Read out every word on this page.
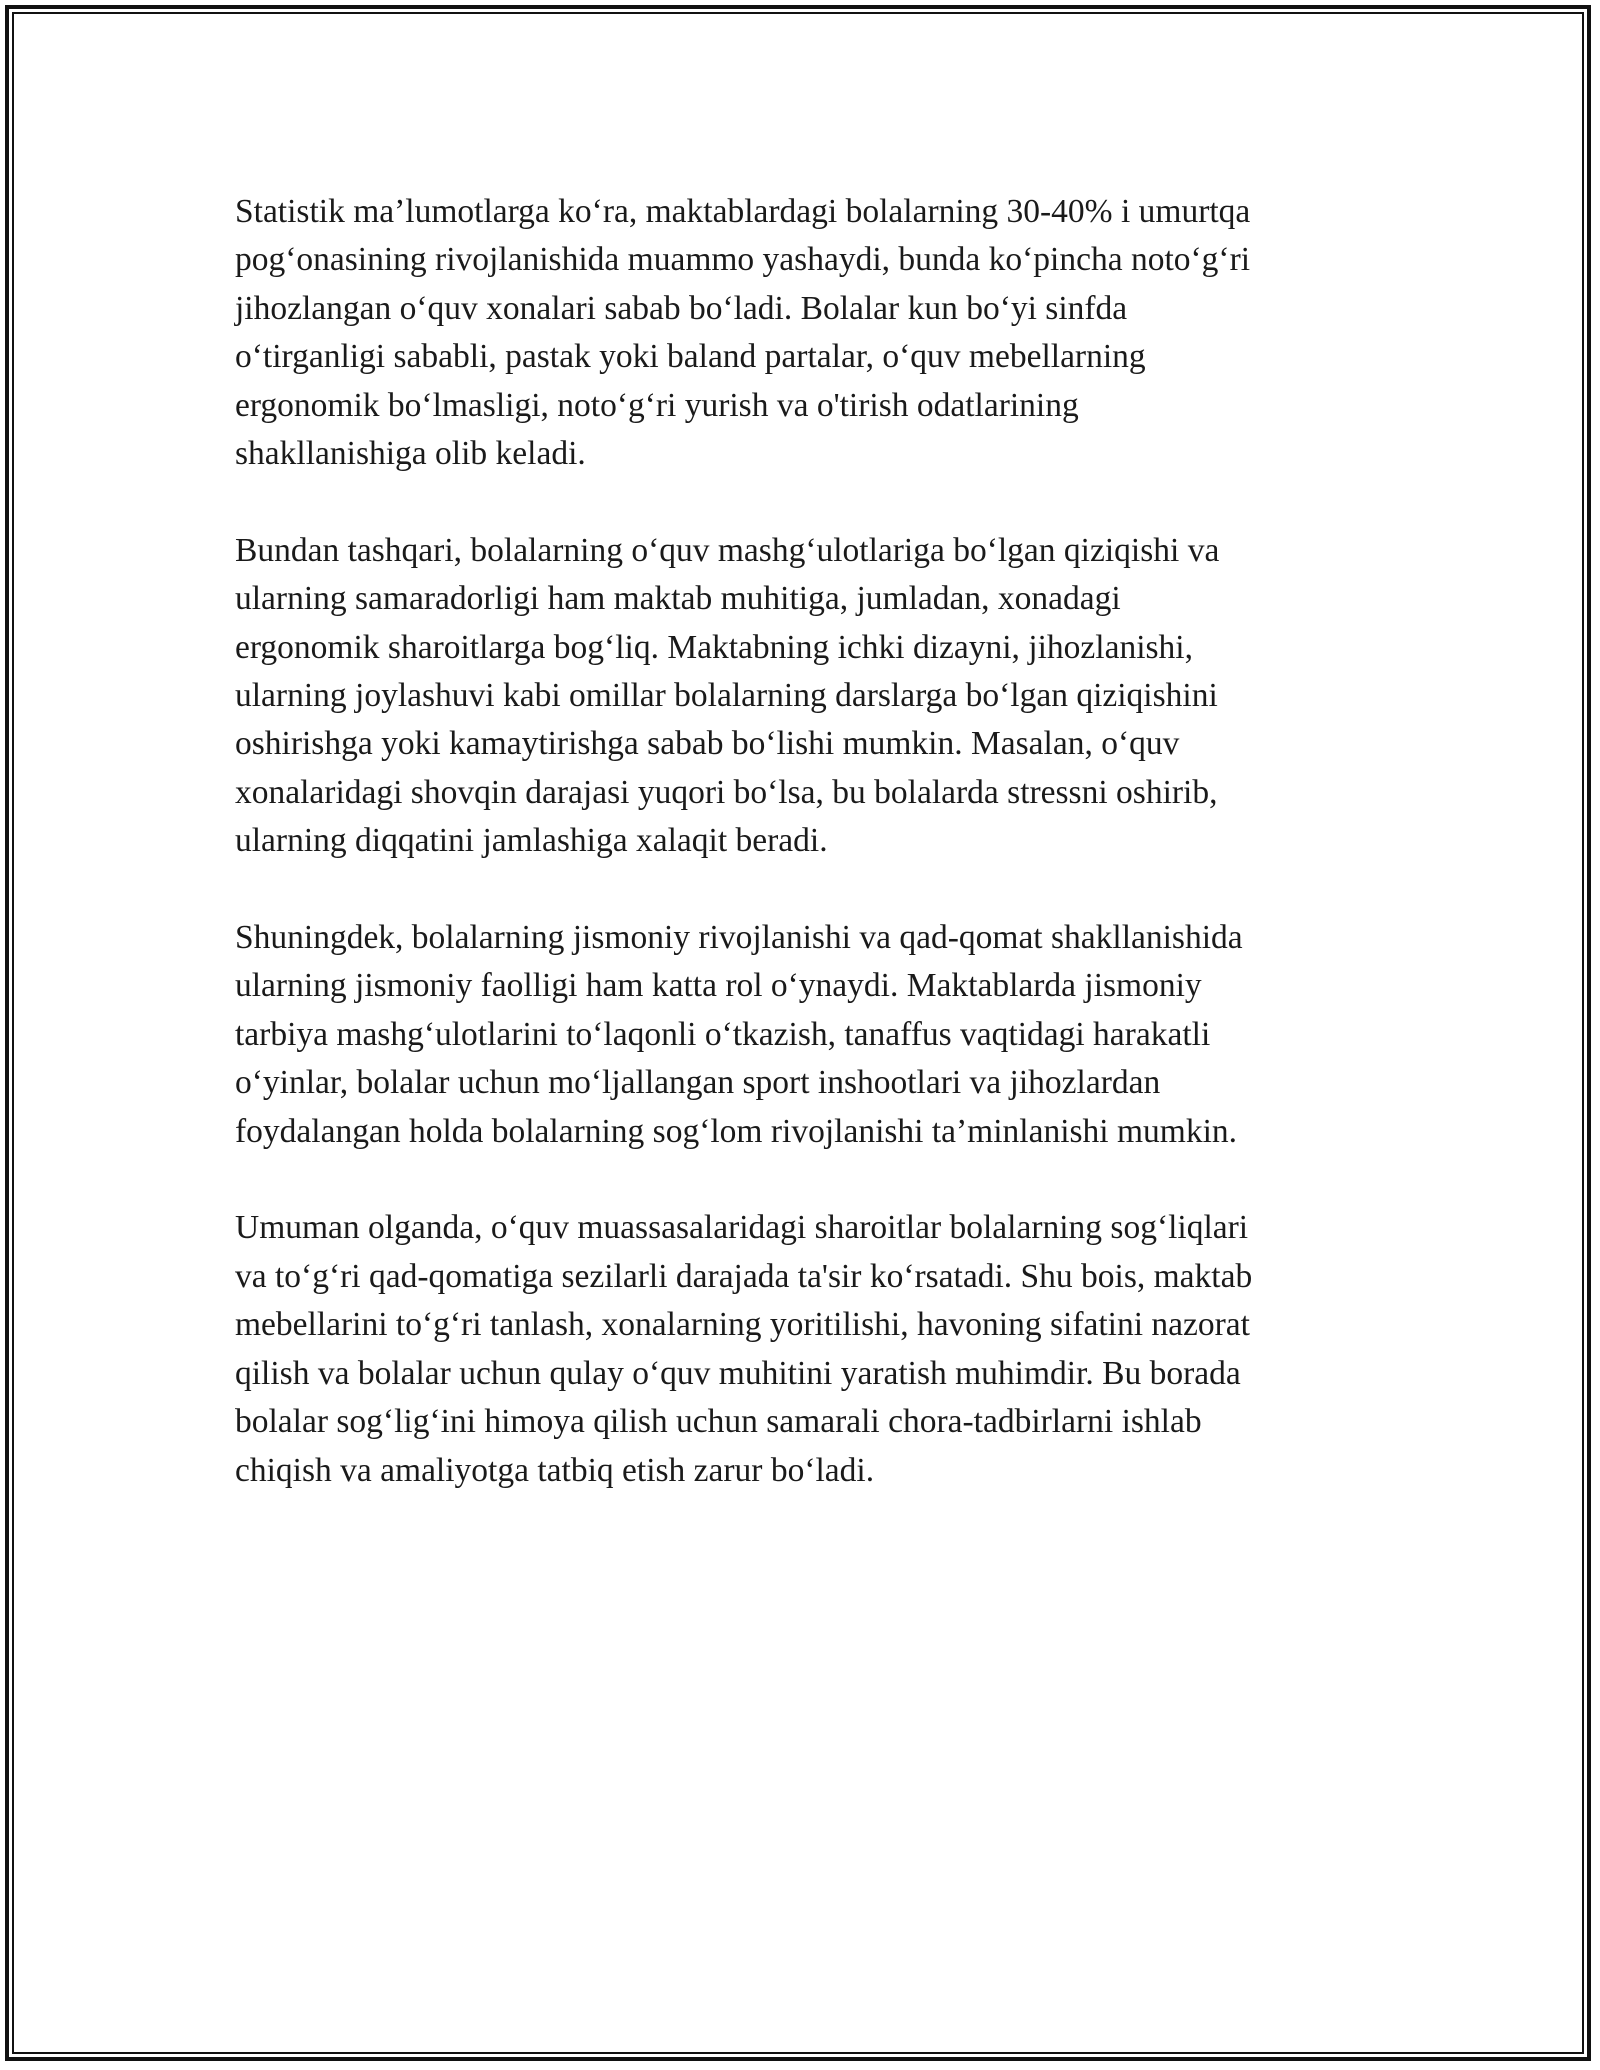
Statistik ma’lumotlarga ko‘ra, maktablardagi bolalarning 30-40% i umurtqa
pog‘onasining rivojlanishida muammo yashaydi, bunda ko‘pincha noto‘g‘ri
jihozlangan o‘quv xonalari sabab bo‘ladi. Bolalar kun bo‘yi sinfda
o‘tirganligi sababli, pastak yoki baland partalar, o‘quv mebellarning
ergonomik bo‘lmasligi, noto‘g‘ri yurish va o'tirish odatlarining
shakllanishiga olib keladi.

Bundan tashqari, bolalarning o‘quv mashg‘ulotlariga bo‘lgan qiziqishi va
ularning samaradorligi ham maktab muhitiga, jumladan, xonadagi
ergonomik sharoitlarga bog‘liq. Maktabning ichki dizayni, jihozlanishi,
ularning joylashuvi kabi omillar bolalarning darslarga bo‘lgan qiziqishini
oshirishga yoki kamaytirishga sabab bo‘lishi mumkin. Masalan, o‘quv
xonalaridagi shovqin darajasi yuqori bo‘lsa, bu bolalarda stressni oshirib,
ularning diqqatini jamlashiga xalaqit beradi.

Shuningdek, bolalarning jismoniy rivojlanishi va qad-qomat shakllanishida
ularning jismoniy faolligi ham katta rol o‘ynaydi. Maktablarda jismoniy
tarbiya mashg‘ulotlarini to‘laqonli o‘tkazish, tanaffus vaqtidagi harakatli
o‘yinlar, bolalar uchun mo‘ljallangan sport inshootlari va jihozlardan
foydalangan holda bolalarning sog‘lom rivojlanishi ta’minlanishi mumkin.

Umuman olganda, o‘quv muassasalaridagi sharoitlar bolalarning sog‘liqlari
va to‘g‘ri qad-qomatiga sezilarli darajada ta'sir ko‘rsatadi. Shu bois, maktab
mebellarini to‘g‘ri tanlash, xonalarning yoritilishi, havoning sifatini nazorat
qilish va bolalar uchun qulay o‘quv muhitini yaratish muhimdir. Bu borada
bolalar sog‘lig‘ini himoya qilish uchun samarali chora-tadbirlarni ishlab
chiqish va amaliyotga tatbiq etish zarur bo‘ladi.
